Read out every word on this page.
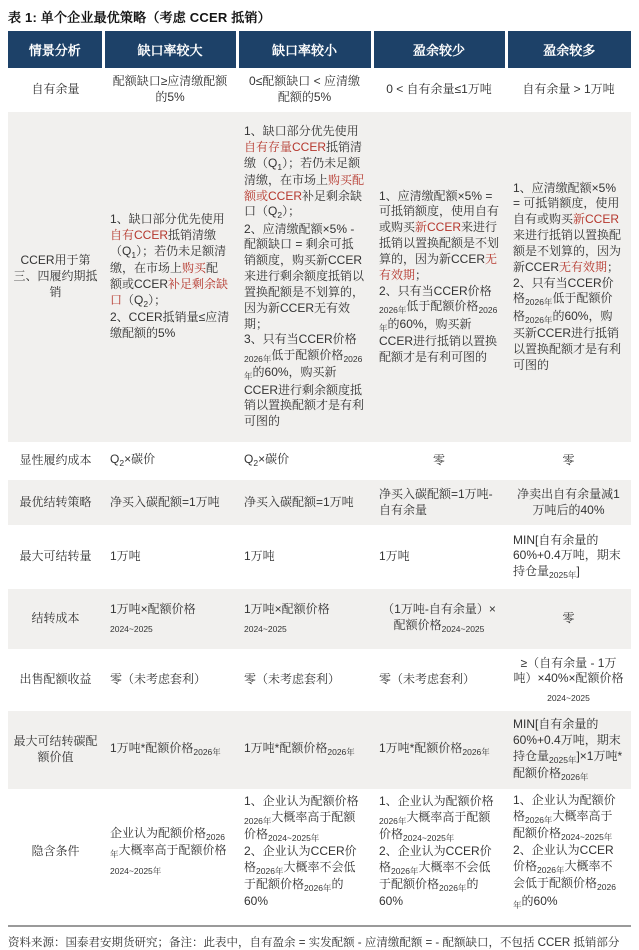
表 1: 单个企业最优策略（考虑 CCER 抵销）
情景分析	缺口率较大	缺口率较小	盈余较少	盈余较多
自有余量	配额缺口≥应清缴配额的5%	0≤配额缺口 < 应清缴配额的5%	0 < 自有余量≤1万吨	自有余量 > 1万吨
CCER用于第三、四履约期抵销	1、缺口部分优先使用自有CCER抵销清缴$(Q_1)$；若仍未足额清缴，在市场上购买配额或CCER补足剩余缺口$(Q_2)$；
2、CCER抵销量≤应清缴配额的5%	1、缺口部分优先使用自有存量CCER抵销清缴$(Q_1)$；若仍未足额清缴，在市场上购买配额或CCER补足剩余缺口$(Q_2)$；
2、应清缴配额×5% - 配额缺口 = 剩余可抵销额度，购买新CCER来进行剩余额度抵销以置换配额是不划算的，因为新CCER无有效期；
3、只有当CCER价格$_{2026年}$低于配额价格$_{2026年}$的60%，购买新CCER进行剩余额度抵销以置换配额才是有利可图的	1、应清缴配额×5% = 可抵销额度，使用自有或购买新CCER来进行抵销以置换配额是不划算的，因为新CCER无有效期；
2、只有当CCER价格$_{2026年}$低于配额价格$_{2026年}$的60%，购买新CCER进行抵销以置换配额才是有利可图的	1、应清缴配额×5% = 可抵销额度，使用自有或购买新CCER来进行抵销以置换配额是不划算的，因为新CCER无有效期；
2、只有当CCER价格$_{2026年}$低于配额价格$_{2026年}$的60%，购买新CCER进行抵销以置换配额才是有利可图的
显性履约成本	$Q_2\times$碳价	$Q_2\times$碳价	零	零
最优结转策略	净买入碳配额=1万吨	净买入碳配额=1万吨	净买入碳配额=1万吨-自有余量	净卖出自有余量减1万吨后的40%
最大可结转量	1万吨	1万吨	1万吨	MIN[自有余量的60%+0.4万吨，期末持仓量$_{2025年}$]
结转成本	1万吨×配额价格$_{2024\sim 2025}$	1万吨×配额价格$_{2024\sim 2025}$	（1万吨-自有余量）×配额价格$_{2024\sim 2025}$	零
出售配额收益	零（未考虑套利）	零（未考虑套利）	零（未考虑套利）	≥（自有余量 - 1万吨）×40%×配额价格$_{2024\sim 2025}$
最大可结转碳配额价值	1万吨*配额价格$_{2026年}$	1万吨*配额价格$_{2026年}$	1万吨*配额价格$_{2026年}$	MIN[自有余量的60%+0.4万吨，期末持仓量$_{2025年}$]×1万吨*配额价格$_{2026年}$
隐含条件	企业认为配额价格$_{2026年}$大概率高于配额价格$_{2024\sim 2025年}$	1、企业认为配额价格$_{2026年}$大概率高于配额价格$_{2024\sim 2025年}$
2、企业认为CCER价格$_{2026年}$大概率不会低于配额价格$_{2026年}$的60%	1、企业认为配额价格$_{2026年}$大概率高于配额价格$_{2024\sim 2025年}$
2、企业认为CCER价格$_{2026年}$大概率不会低于配额价格$_{2026年}$的60%	1、企业认为配额价格$_{2026年}$大概率高于配额价格$_{2024\sim 2025年}$
2、企业认为CCER价格$_{2026年}$大概率不会低于配额价格$_{2026年}$的60%
资料来源：国泰君安期货研究；备注：此表中，自有盈余 = 实发配额 - 应清缴配额 = - 配额缺口，不包括 CCER 抵销部分
